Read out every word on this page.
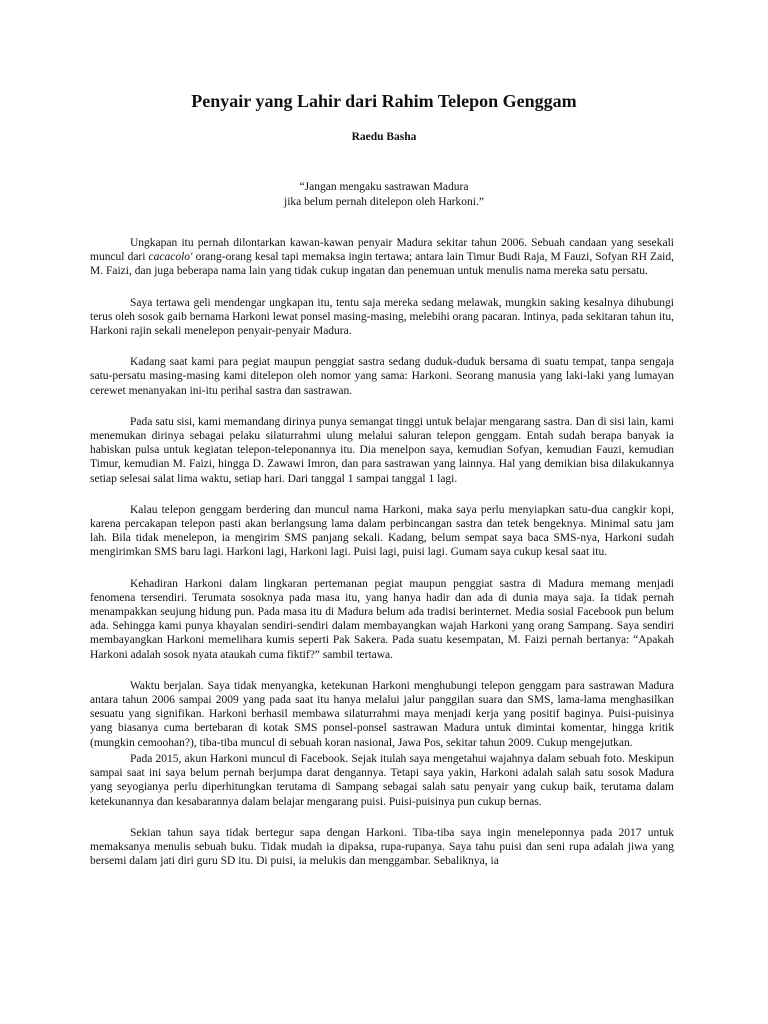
Penyair yang Lahir dari Rahim Telepon Genggam

Raedu Basha

“Jangan mengaku sastrawan Madura
jika belum pernah ditelepon oleh Harkoni.”

Ungkapan itu pernah dilontarkan kawan-kawan penyair Madura sekitar tahun 2006. Sebuah candaan yang sesekali muncul dari cacacolo' orang-orang kesal tapi memaksa ingin tertawa; antara lain Timur Budi Raja, M Fauzi, Sofyan RH Zaid, M. Faizi, dan juga beberapa nama lain yang tidak cukup ingatan dan penemuan untuk menulis nama mereka satu persatu.

Saya tertawa geli mendengar ungkapan itu, tentu saja mereka sedang melawak, mungkin saking kesalnya dihubungi terus oleh sosok gaib bernama Harkoni lewat ponsel masing-masing, melebihi orang pacaran. Intinya, pada sekitaran tahun itu, Harkoni rajin sekali menelepon penyair-penyair Madura.

Kadang saat kami para pegiat maupun penggiat sastra sedang duduk-duduk bersama di suatu tempat, tanpa sengaja satu-persatu masing-masing kami ditelepon oleh nomor yang sama: Harkoni. Seorang manusia yang laki-laki yang lumayan cerewet menanyakan ini-itu perihal sastra dan sastrawan.

Pada satu sisi, kami memandang dirinya punya semangat tinggi untuk belajar mengarang sastra. Dan di sisi lain, kami menemukan dirinya sebagai pelaku silaturrahmi ulung melalui saluran telepon genggam. Entah sudah berapa banyak ia habiskan pulsa untuk kegiatan telepon-teleponannya itu. Dia menelpon saya, kemudian Sofyan, kemudian Fauzi, kemudian Timur, kemudian M. Faizi, hingga D. Zawawi Imron, dan para sastrawan yang lainnya. Hal yang demikian bisa dilakukannya setiap selesai salat lima waktu, setiap hari. Dari tanggal 1 sampai tanggal 1 lagi.

Kalau telepon genggam berdering dan muncul nama Harkoni, maka saya perlu menyiapkan satu-dua cangkir kopi, karena percakapan telepon pasti akan berlangsung lama dalam perbincangan sastra dan tetek bengeknya. Minimal satu jam lah. Bila tidak menelepon, ia mengirim SMS panjang sekali. Kadang, belum sempat saya baca SMS-nya, Harkoni sudah mengirimkan SMS baru lagi. Harkoni lagi, Harkoni lagi. Puisi lagi, puisi lagi. Gumam saya cukup kesal saat itu.

Kehadiran Harkoni dalam lingkaran pertemanan pegiat maupun penggiat sastra di Madura memang menjadi fenomena tersendiri. Terumata sosoknya pada masa itu, yang hanya hadir dan ada di dunia maya saja. Ia tidak pernah menampakkan seujung hidung pun. Pada masa itu di Madura belum ada tradisi berinternet. Media sosial Facebook pun belum ada. Sehingga kami punya khayalan sendiri-sendiri dalam membayangkan wajah Harkoni yang orang Sampang. Saya sendiri membayangkan Harkoni memelihara kumis seperti Pak Sakera. Pada suatu kesempatan, M. Faizi pernah bertanya: “Apakah Harkoni adalah sosok nyata ataukah cuma fiktif?” sambil tertawa.

Waktu berjalan. Saya tidak menyangka, ketekunan Harkoni menghubungi telepon genggam para sastrawan Madura antara tahun 2006 sampai 2009 yang pada saat itu hanya melalui jalur panggilan suara dan SMS, lama-lama menghasilkan sesuatu yang signifikan. Harkoni berhasil membawa silaturrahmi maya menjadi kerja yang positif baginya. Puisi-puisinya yang biasanya cuma bertebaran di kotak SMS ponsel-ponsel sastrawan Madura untuk dimintai komentar, hingga kritik (mungkin cemoohan?), tiba-tiba muncul di sebuah koran nasional, Jawa Pos, sekitar tahun 2009. Cukup mengejutkan.

Pada 2015, akun Harkoni muncul di Facebook. Sejak itulah saya mengetahui wajahnya dalam sebuah foto. Meskipun sampai saat ini saya belum pernah berjumpa darat dengannya. Tetapi saya yakin, Harkoni adalah salah satu sosok Madura yang seyogianya perlu diperhitungkan terutama di Sampang sebagai salah satu penyair yang cukup baik, terutama dalam ketekunannya dan kesabarannya dalam belajar mengarang puisi. Puisi-puisinya pun cukup bernas.

Sekian tahun saya tidak bertegur sapa dengan Harkoni. Tiba-tiba saya ingin meneleponnya pada 2017 untuk memaksanya menulis sebuah buku. Tidak mudah ia dipaksa, rupa-rupanya. Saya tahu puisi dan seni rupa adalah jiwa yang bersemi dalam jati diri guru SD itu. Di puisi, ia melukis dan menggambar. Sebaliknya, ia
